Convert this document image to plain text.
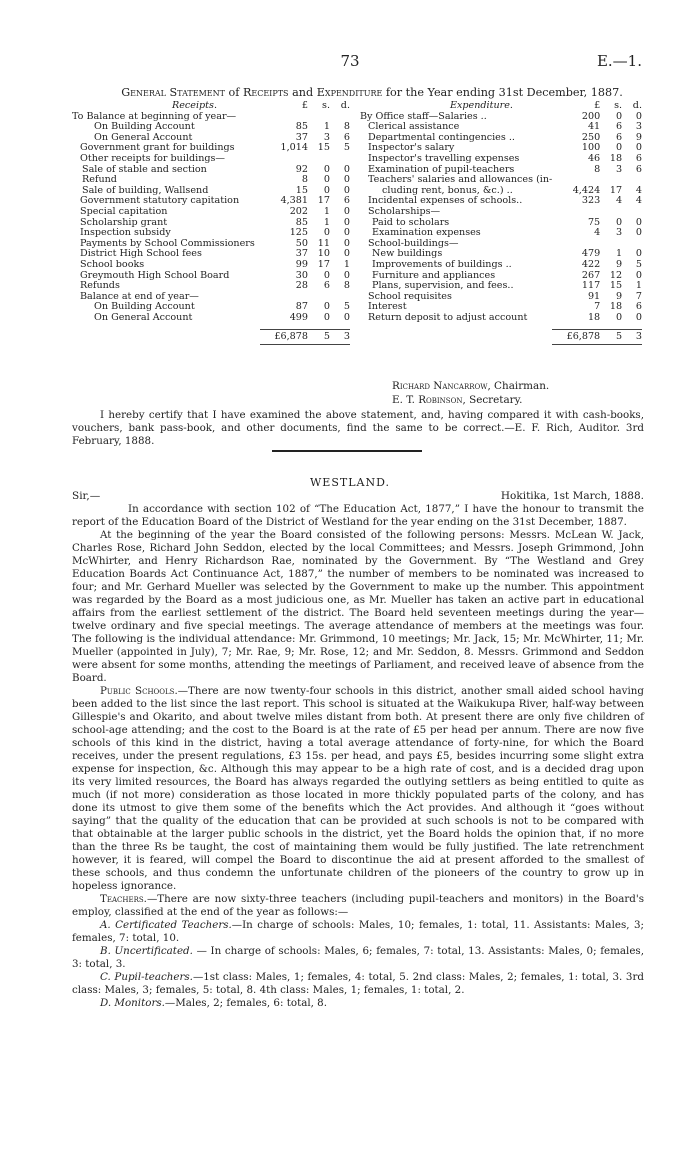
73	E.—1.
General Statement of Receipts and Expenditure for the Year ending 31st December, 1887.
Receipts.	£	s.	d.
To Balance at beginning of year—			
On Building Account	85	1	8
On General Account	37	3	6
Government grant for buildings	1,014	15	5
Other receipts for buildings—			
Sale of stable and section	92	0	0
Refund	8	0	0
Sale of building, Wallsend	15	0	0
Government statutory capitation	4,381	17	6
Special capitation	202	1	0
Scholarship grant	85	1	0
Inspection subsidy	125	0	0
Payments by School Commissioners	50	11	0
District High School fees	37	10	0
School books	99	17	1
Greymouth High School Board	30	0	0
Refunds	28	6	8
Balance at end of year—			
On Building Account	87	0	5
On General Account	499	0	0

	£6,878	5	3
Expenditure.	£	s.	d.
By Office staff—Salaries ..	200	0	0
Clerical assistance	41	6	3
Departmental contingencies ..	250	6	9
Inspector's salary	100	0	0
Inspector's travelling expenses	46	18	6
Examination of pupil-teachers	8	3	6
Teachers' salaries and allowances (in-			
cluding rent, bonus, &c.) ..	4,424	17	4
Incidental expenses of schools..	323	4	4
Scholarships—			
Paid to scholars	75	0	0
Examination expenses	4	3	0
School-buildings—			
New buildings	479	1	0
Improvements of buildings ..	422	9	5
Furniture and appliances	267	12	0
Plans, supervision, and fees..	117	15	1
School requisites	91	9	7
Interest	7	18	6
Return deposit to adjust account	18	0	0

	£6,878	5	3
Richard Nancarrow, Chairman.
E. T. Robinson, Secretary.

I hereby certify that I have examined the above statement, and, having compared it with cash-books, vouchers, bank pass-book, and other documents, find the same to be correct.—E. F. Rich, Auditor. 3rd February, 1888.

WESTLAND.
Sir,—	Hokitika, 1st March, 1888.

In accordance with section 102 of “The Education Act, 1877,” I have the honour to transmit the report of the Education Board of the District of Westland for the year ending on the 31st December, 1887.

At the beginning of the year the Board consisted of the following persons: Messrs. McLean W. Jack, Charles Rose, Richard John Seddon, elected by the local Committees; and Messrs. Joseph Grimmond, John McWhirter, and Henry Richardson Rae, nominated by the Government. By “The Westland and Grey Education Boards Act Continuance Act, 1887,” the number of members to be nominated was increased to four; and Mr. Gerhard Mueller was selected by the Government to make up the number. This appointment was regarded by the Board as a most judicious one, as Mr. Mueller has taken an active part in educational affairs from the earliest settlement of the district. The Board held seventeen meetings during the year—twelve ordinary and five special meetings. The average attendance of members at the meetings was four. The following is the individual attendance: Mr. Grimmond, 10 meetings; Mr. Jack, 15; Mr. McWhirter, 11; Mr. Mueller (appointed in July), 7; Mr. Rae, 9; Mr. Rose, 12; and Mr. Seddon, 8. Messrs. Grimmond and Seddon were absent for some months, attending the meetings of Parliament, and received leave of absence from the Board.

Public Schools.—There are now twenty-four schools in this district, another small aided school having been added to the list since the last report. This school is situated at the Waikukupa River, half-way between Gillespie's and Okarito, and about twelve miles distant from both. At present there are only five children of school-age attending; and the cost to the Board is at the rate of £5 per head per annum. There are now five schools of this kind in the district, having a total average attendance of forty-nine, for which the Board receives, under the present regulations, £3 15s. per head, and pays £5, besides incurring some slight extra expense for inspection, &c. Although this may appear to be a high rate of cost, and is a decided drag upon its very limited resources, the Board has always regarded the outlying settlers as being entitled to quite as much (if not more) consideration as those located in more thickly populated parts of the colony, and has done its utmost to give them some of the benefits which the Act provides. And although it “goes without saying” that the quality of the education that can be provided at such schools is not to be compared with that obtainable at the larger public schools in the district, yet the Board holds the opinion that, if no more than the three Rs be taught, the cost of maintaining them would be fully justified. The late retrenchment however, it is feared, will compel the Board to discontinue the aid at present afforded to the smallest of these schools, and thus condemn the unfortunate children of the pioneers of the country to grow up in hopeless ignorance.

Teachers.—There are now sixty-three teachers (including pupil-teachers and monitors) in the Board's employ, classified at the end of the year as follows:—

A. Certificated Teachers.—In charge of schools: Males, 10; females, 1: total, 11. Assistants: Males, 3; females, 7: total, 10.

B. Uncertificated. — In charge of schools: Males, 6; females, 7: total, 13. Assistants: Males, 0; females, 3: total, 3.

C. Pupil-teachers.—1st class: Males, 1; females, 4: total, 5. 2nd class: Males, 2; females, 1: total, 3. 3rd class: Males, 3; females, 5: total, 8. 4th class: Males, 1; females, 1: total, 2.

D. Monitors.—Males, 2; females, 6: total, 8.
